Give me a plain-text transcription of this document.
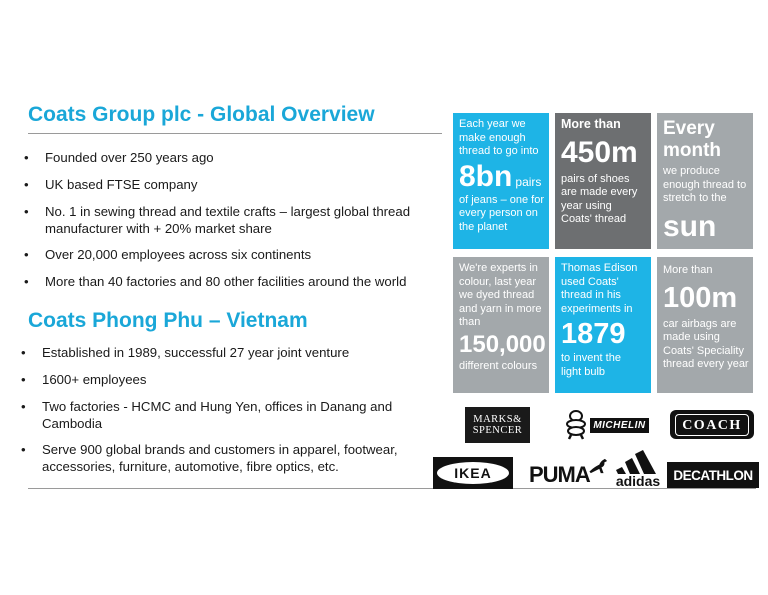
Coats Group plc - Global Overview
• Founded over 250 years ago
• UK based FTSE company
• No. 1 in sewing thread and textile crafts – largest global thread manufacturer with + 20% market share
• Over 20,000 employees across six continents
• More than 40 factories and 80 other facilities around the world
Coats Phong Phu – Vietnam
• Established in 1989, successful 27 year joint venture
• 1600+ employees
• Two factories - HCMC and Hung Yen, offices in Danang and Cambodia
• Serve 900 global brands and customers in apparel, footwear, accessories, furniture, automotive, fibre optics, etc.
Each year we make enough thread to go into
8bn pairs
of jeans – one for every person on the planet
More than
450m
pairs of shoes are made every year using Coats' thread
Every month
we produce enough thread to stretch to the
sun
We're experts in colour, last year we dyed thread and yarn in more than
150,000
different colours
Thomas Edison used Coats' thread in his experiments in
1879
to invent the light bulb
More than
100m
car airbags are made using Coats' Speciality thread every year
MARKS&
SPENCER	MICHELIN	COACH
IKEA PUMA adidas DECATHLON
